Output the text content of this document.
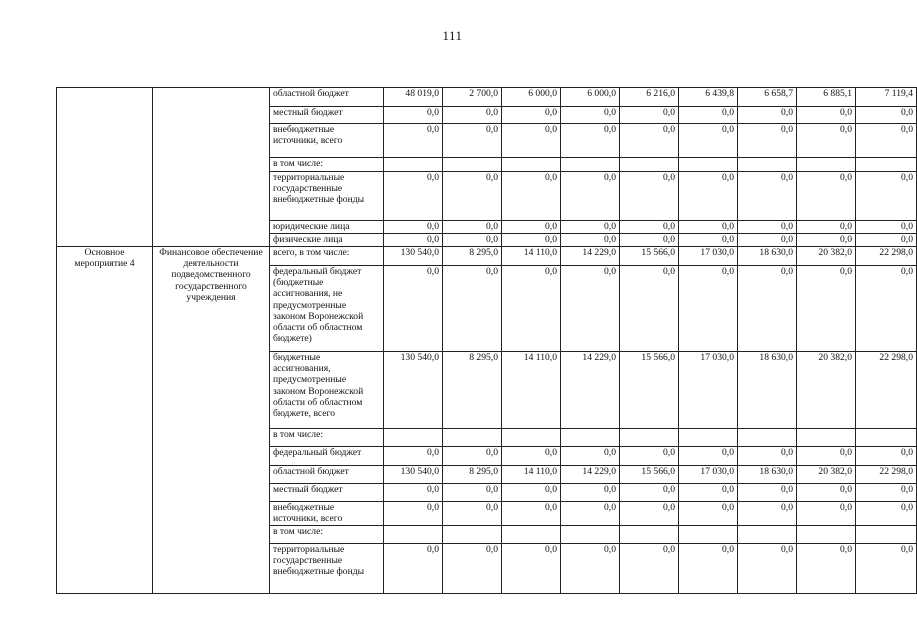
111
		областной бюджет	48 019,0	2 700,0	6 000,0	6 000,0	6 216,0	6 439,8	6 658,7	6 885,1	7 119,4
		местный бюджет	0,0	0,0	0,0	0,0	0,0	0,0	0,0	0,0	0,0
		внебюджетные источники, всего	0,0	0,0	0,0	0,0	0,0	0,0	0,0	0,0	0,0
		в том числе:									
		территориальные государственные внебюджетные фонды	0,0	0,0	0,0	0,0	0,0	0,0	0,0	0,0	0,0
		юридические лица	0,0	0,0	0,0	0,0	0,0	0,0	0,0	0,0	0,0
		физические лица	0,0	0,0	0,0	0,0	0,0	0,0	0,0	0,0	0,0
Основное мероприятие 4	Финансовое обеспечение деятельности подведомственного государственного учреждения	всего, в том числе:	130 540,0	8 295,0	14 110,0	14 229,0	15 566,0	17 030,0	18 630,0	20 382,0	22 298,0
		федеральный бюджет (бюджетные ассигнования, не предусмотренные законом Воронежской области об областном бюджете)	0,0	0,0	0,0	0,0	0,0	0,0	0,0	0,0	0,0
		бюджетные ассигнования, предусмотренные законом Воронежской области об областном бюджете, всего	130 540,0	8 295,0	14 110,0	14 229,0	15 566,0	17 030,0	18 630,0	20 382,0	22 298,0
		в том числе:									
		федеральный бюджет	0,0	0,0	0,0	0,0	0,0	0,0	0,0	0,0	0,0
		областной бюджет	130 540,0	8 295,0	14 110,0	14 229,0	15 566,0	17 030,0	18 630,0	20 382,0	22 298,0
		местный бюджет	0,0	0,0	0,0	0,0	0,0	0,0	0,0	0,0	0,0
		внебюджетные источники, всего	0,0	0,0	0,0	0,0	0,0	0,0	0,0	0,0	0,0
		в том числе:									
		территориальные государственные внебюджетные фонды	0,0	0,0	0,0	0,0	0,0	0,0	0,0	0,0	0,0
